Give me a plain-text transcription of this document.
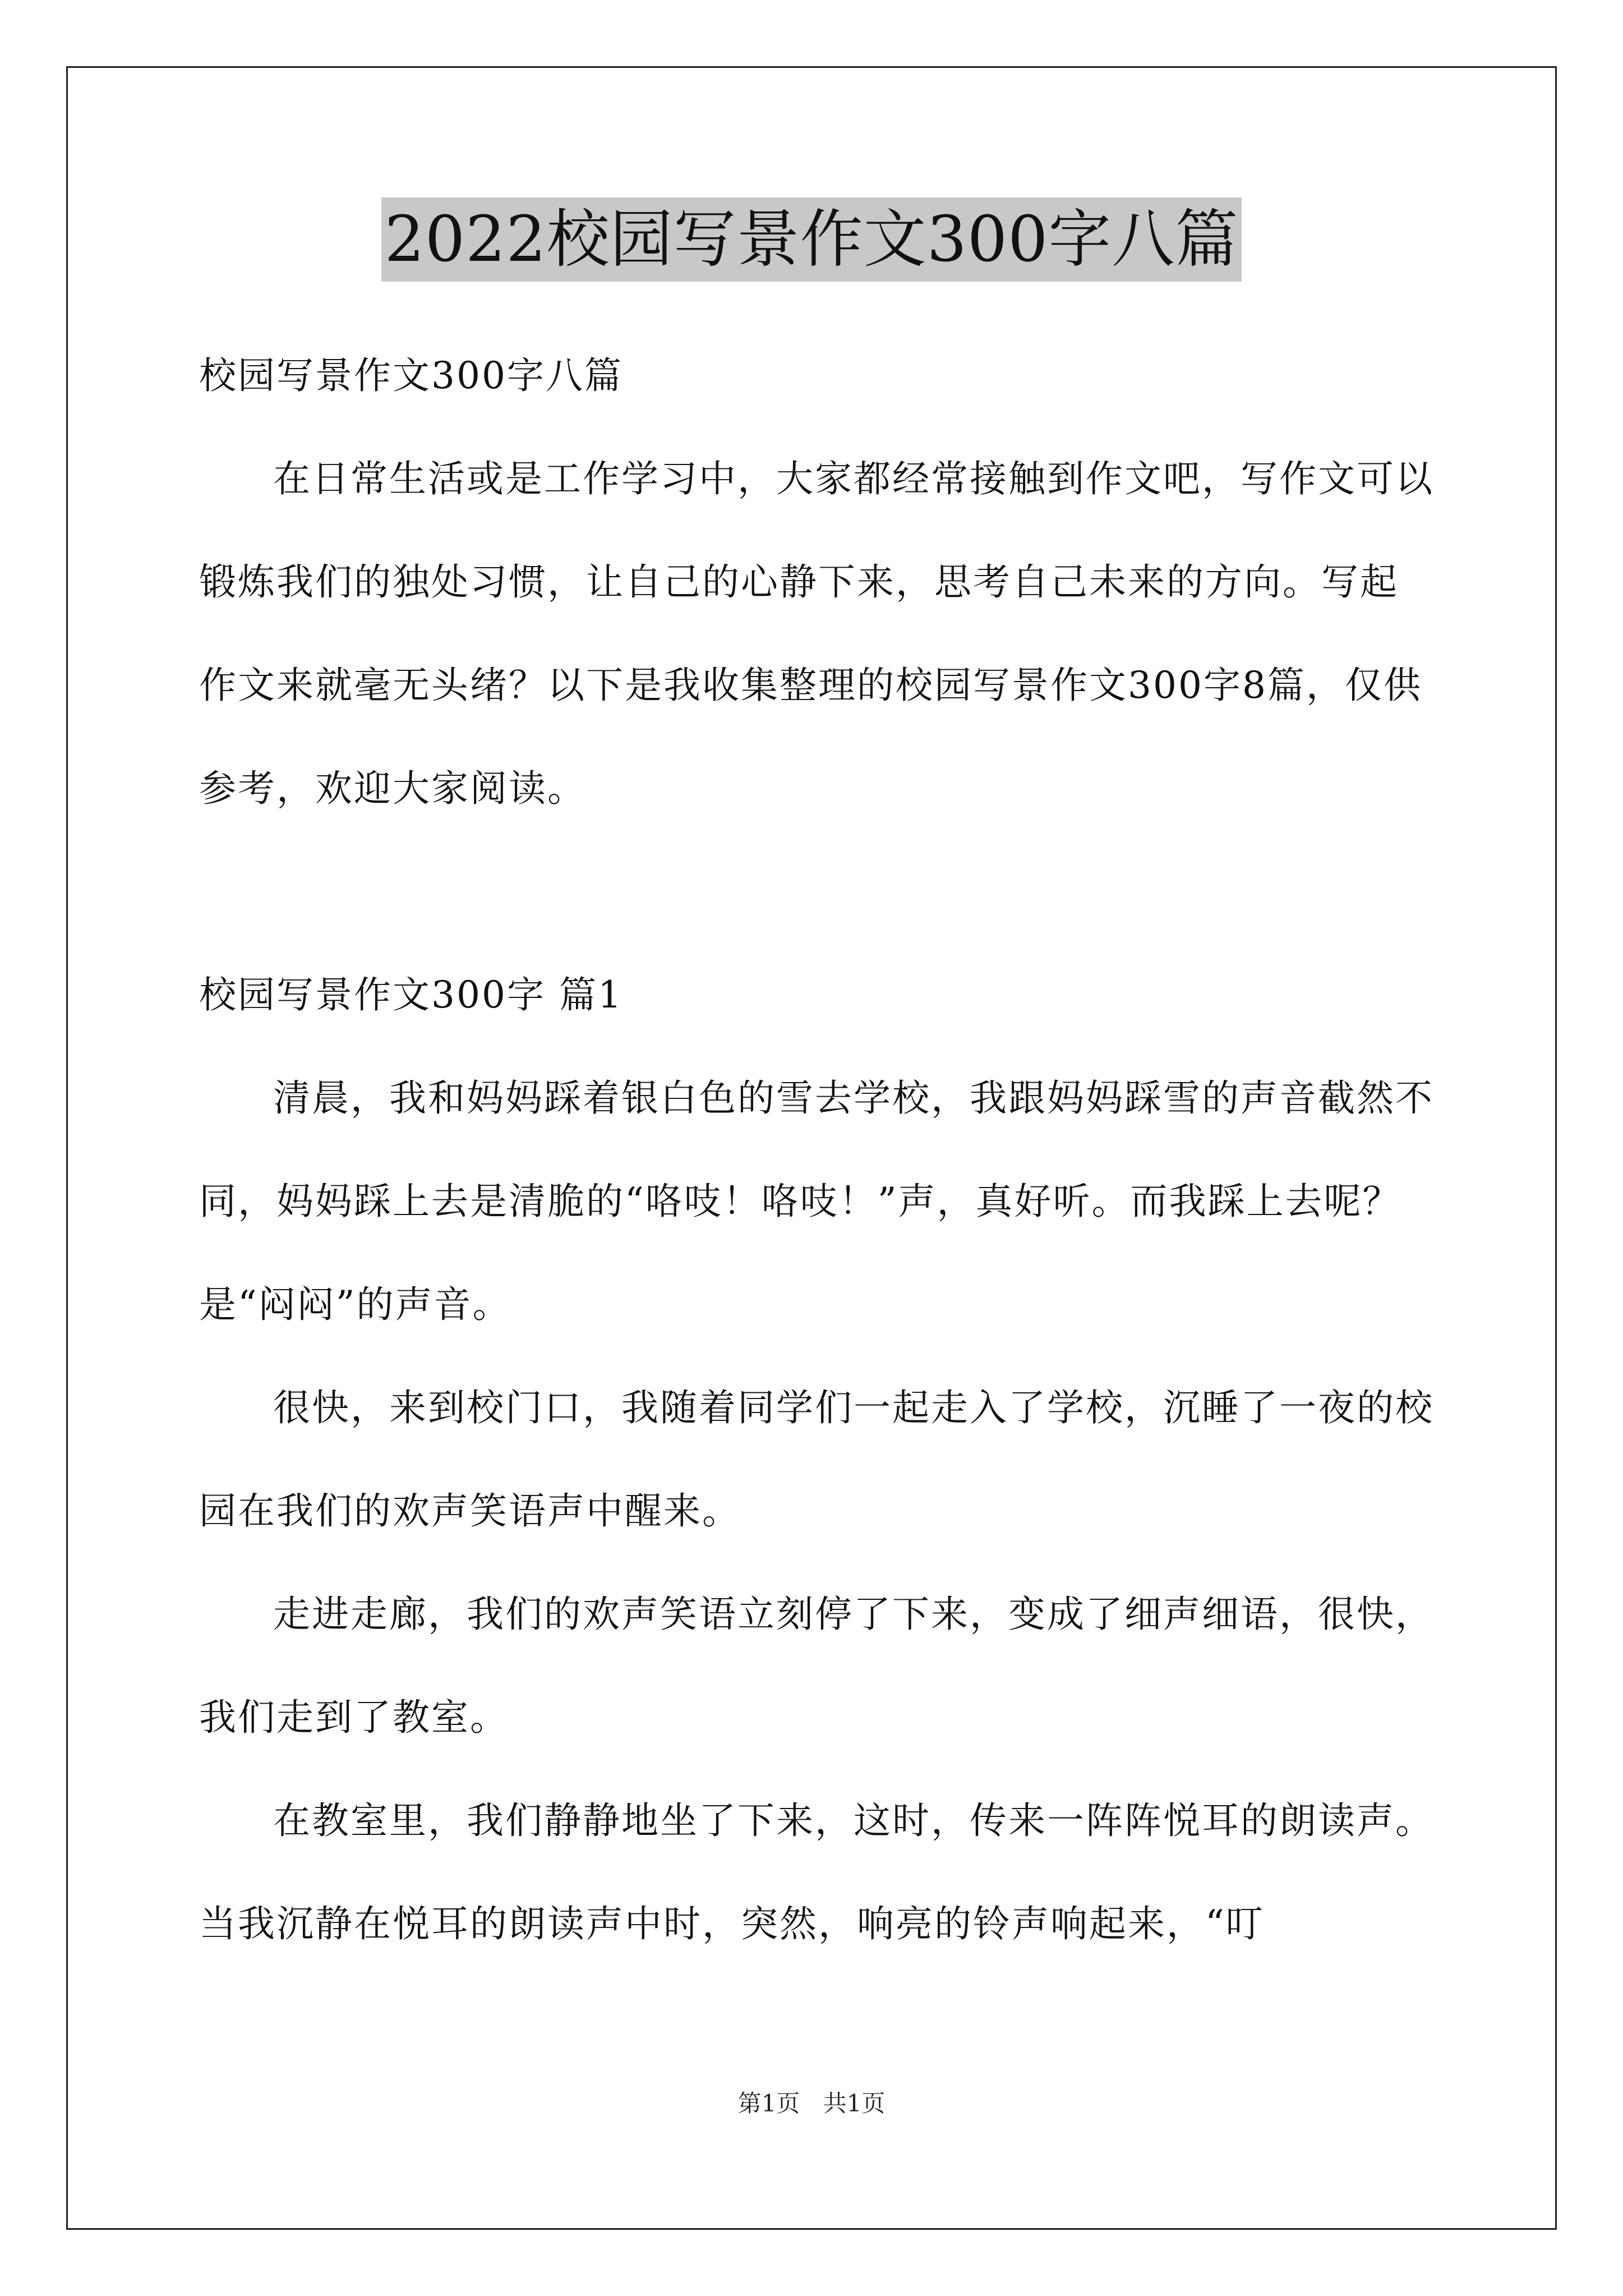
2022校园写景作文300字八篇

校园写景作文300字八篇

在日常生活或是工作学习中，大家都经常接触到作文吧，写作文可以锻炼我们的独处习惯，让自己的心静下来，思考自己未来的方向。写起作文来就毫无头绪？以下是我收集整理的校园写景作文300字8篇，仅供参考，欢迎大家阅读。

校园写景作文300字 篇1

清晨，我和妈妈踩着银白色的雪去学校，我跟妈妈踩雪的声音截然不同，妈妈踩上去是清脆的“咯吱！咯吱！”声，真好听。而我踩上去呢？是“闷闷”的声音。

很快，来到校门口，我随着同学们一起走入了学校，沉睡了一夜的校园在我们的欢声笑语声中醒来。

走进走廊，我们的欢声笑语立刻停了下来，变成了细声细语，很快，我们走到了教室。

在教室里，我们静静地坐了下来，这时，传来一阵阵悦耳的朗读声。当我沉静在悦耳的朗读声中时，突然，响亮的铃声响起来，“叮

第1页 共1页
